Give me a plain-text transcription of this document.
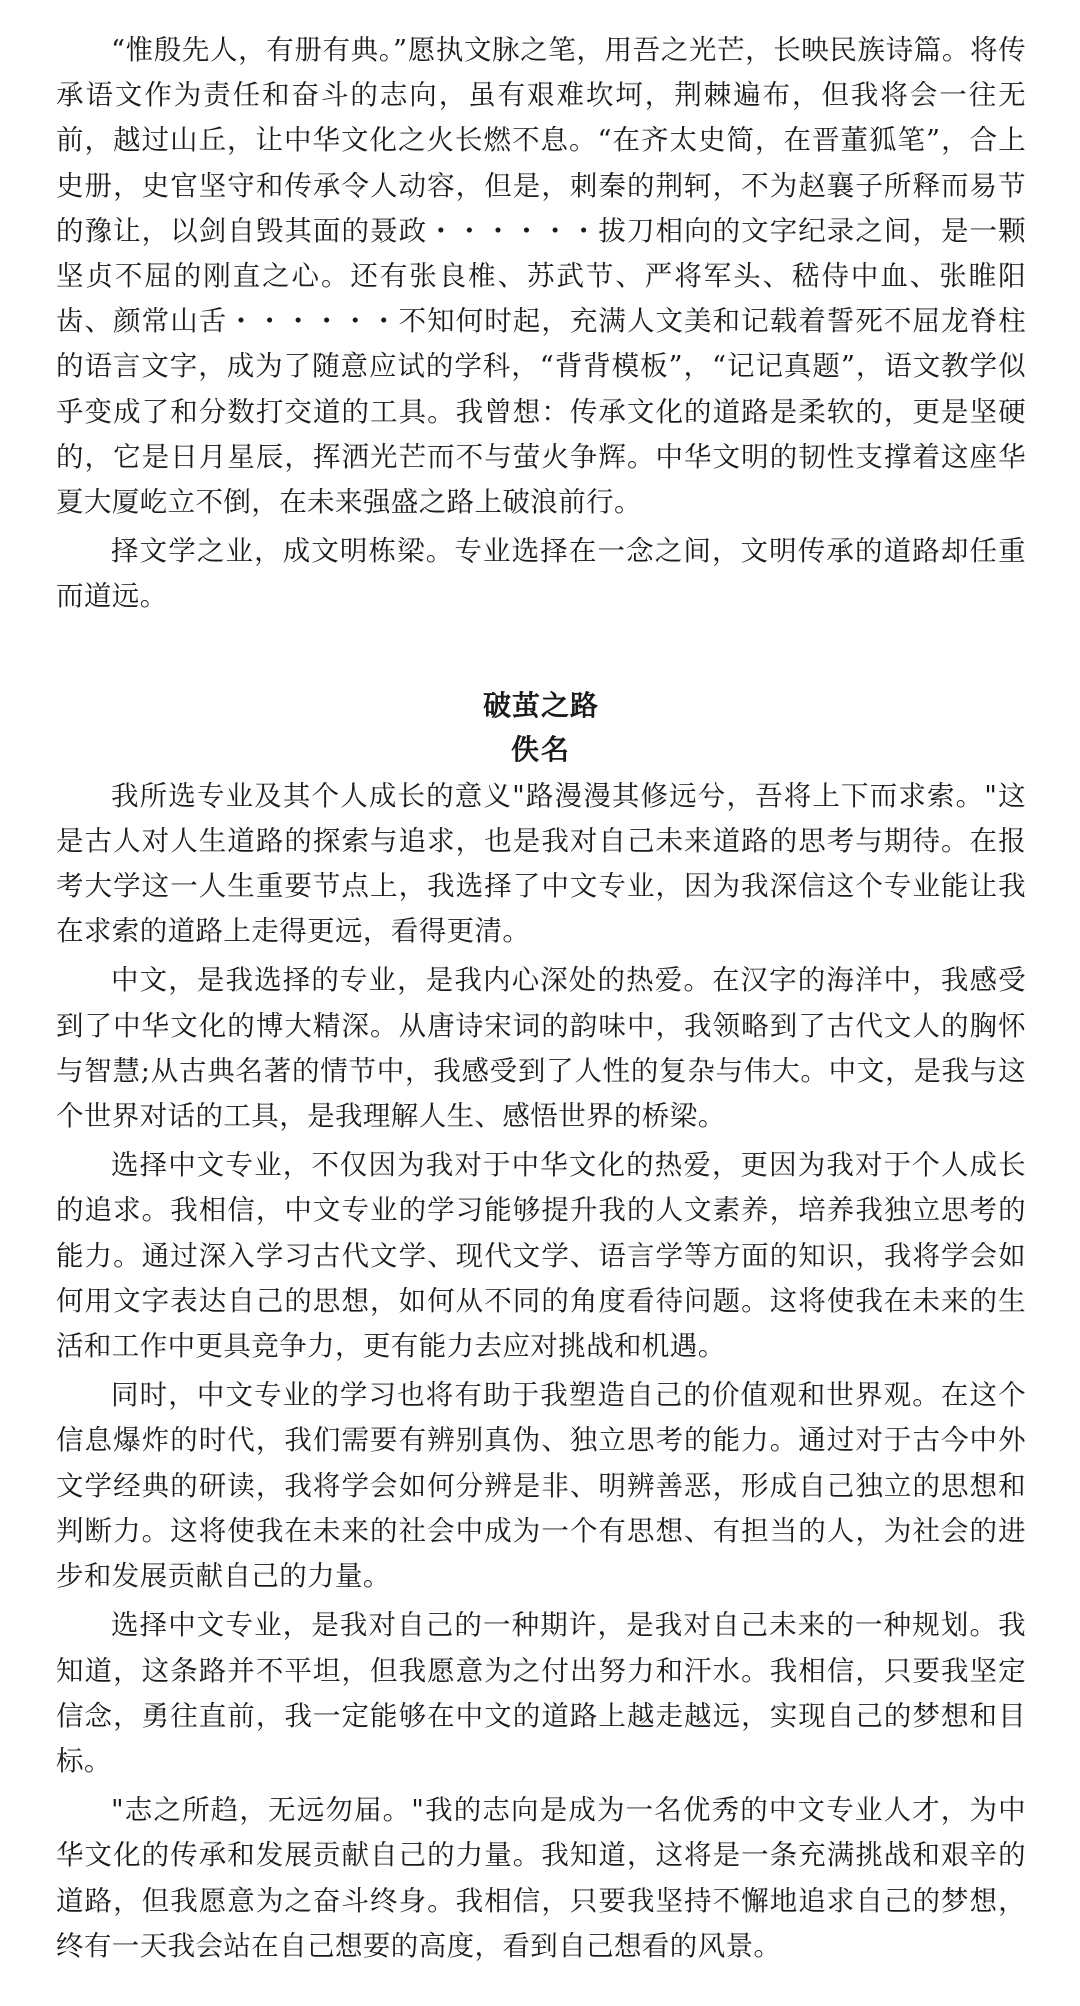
“惟殷先人，有册有典。”愿执文脉之笔，用吾之光芒，长映民族诗篇。将传承语文作为责任和奋斗的志向，虽有艰难坎坷，荆棘遍布，但我将会一往无前，越过山丘，让中华文化之火长燃不息。“在齐太史简，在晋董狐笔”，合上史册，史官坚守和传承令人动容，但是，刺秦的荆轲，不为赵襄子所释而易节的豫让，以剑自毁其面的聂政・・・・・・拔刀相向的文字纪录之间，是一颗坚贞不屈的刚直之心。还有张良椎、苏武节、严将军头、嵇侍中血、张睢阳齿、颜常山舌・・・・・・不知何时起，充满人文美和记载着誓死不屈龙脊柱的语言文字，成为了随意应试的学科，“背背模板”，“记记真题”，语文教学似乎变成了和分数打交道的工具。我曾想：传承文化的道路是柔软的，更是坚硬的，它是日月星辰，挥洒光芒而不与萤火争辉。中华文明的韧性支撑着这座华夏大厦屹立不倒，在未来强盛之路上破浪前行。

择文学之业，成文明栋梁。专业选择在一念之间，文明传承的道路却任重而道远。

破茧之路
佚名

我所选专业及其个人成长的意义"路漫漫其修远兮，吾将上下而求索。"这是古人对人生道路的探索与追求，也是我对自己未来道路的思考与期待。在报考大学这一人生重要节点上，我选择了中文专业，因为我深信这个专业能让我在求索的道路上走得更远，看得更清。

中文，是我选择的专业，是我内心深处的热爱。在汉字的海洋中，我感受到了中华文化的博大精深。从唐诗宋词的韵味中，我领略到了古代文人的胸怀与智慧;从古典名著的情节中，我感受到了人性的复杂与伟大。中文，是我与这个世界对话的工具，是我理解人生、感悟世界的桥梁。

选择中文专业，不仅因为我对于中华文化的热爱，更因为我对于个人成长的追求。我相信，中文专业的学习能够提升我的人文素养，培养我独立思考的能力。通过深入学习古代文学、现代文学、语言学等方面的知识，我将学会如何用文字表达自己的思想，如何从不同的角度看待问题。这将使我在未来的生活和工作中更具竞争力，更有能力去应对挑战和机遇。

同时，中文专业的学习也将有助于我塑造自己的价值观和世界观。在这个信息爆炸的时代，我们需要有辨别真伪、独立思考的能力。通过对于古今中外文学经典的研读，我将学会如何分辨是非、明辨善恶，形成自己独立的思想和判断力。这将使我在未来的社会中成为一个有思想、有担当的人，为社会的进步和发展贡献自己的力量。

选择中文专业，是我对自己的一种期许，是我对自己未来的一种规划。我知道，这条路并不平坦，但我愿意为之付出努力和汗水。我相信，只要我坚定信念，勇往直前，我一定能够在中文的道路上越走越远，实现自己的梦想和目标。

"志之所趋，无远勿届。"我的志向是成为一名优秀的中文专业人才，为中华文化的传承和发展贡献自己的力量。我知道，这将是一条充满挑战和艰辛的道路，但我愿意为之奋斗终身。我相信，只要我坚持不懈地追求自己的梦想，终有一天我会站在自己想要的高度，看到自己想看的风景。
